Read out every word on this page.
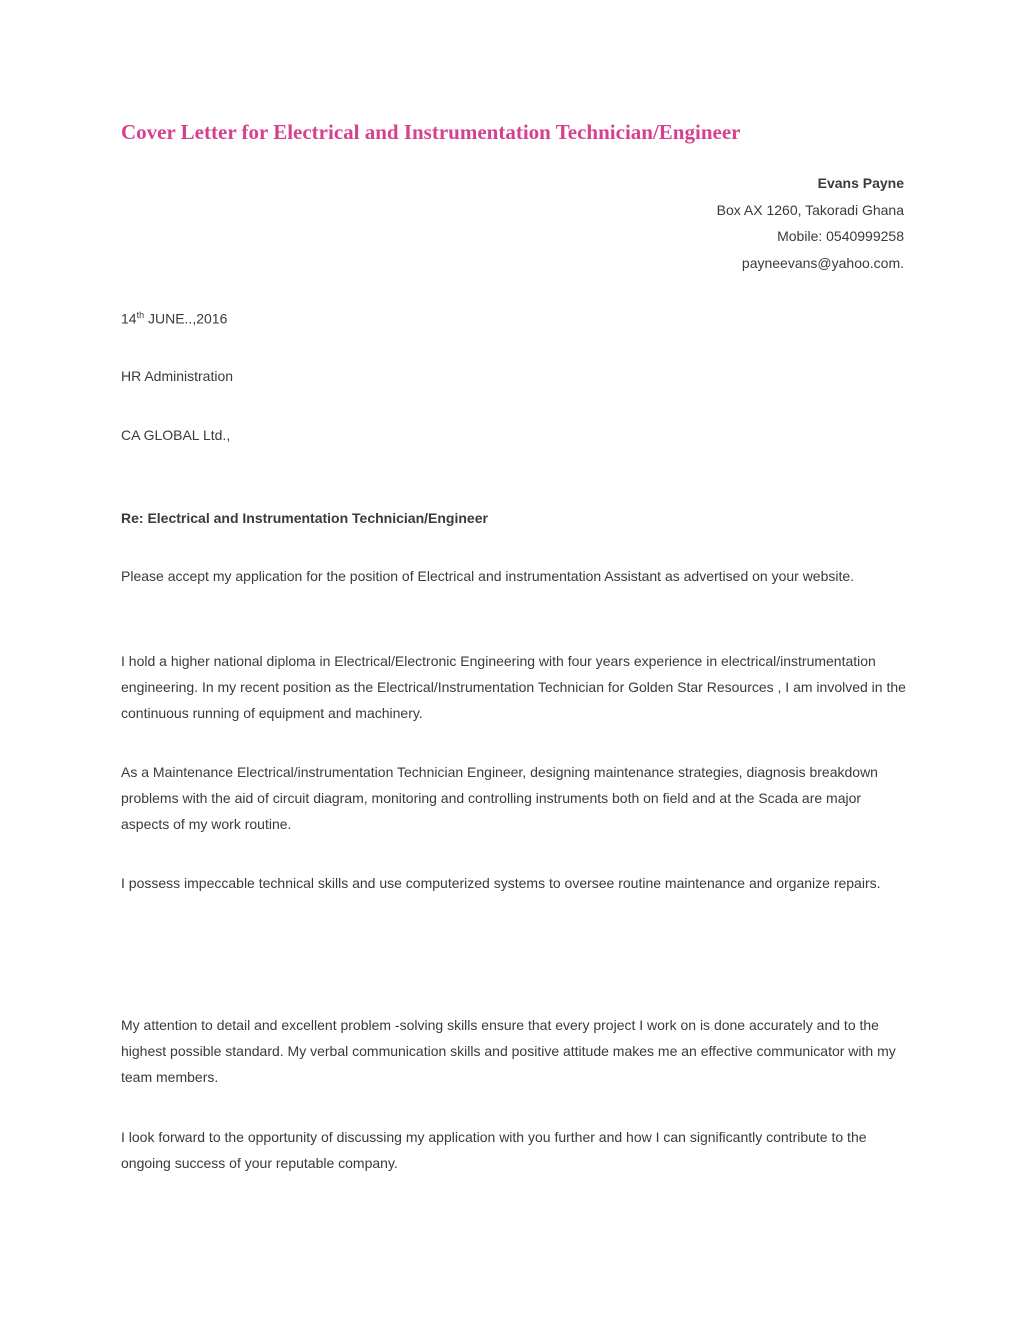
Cover Letter for Electrical and Instrumentation Technician/Engineer
Evans Payne
Box AX 1260, Takoradi Ghana
Mobile: 0540999258
payneevans@yahoo.com.

14th JUNE..,2016

HR Administration

CA GLOBAL Ltd.,

Re: Electrical and Instrumentation Technician/Engineer

Please accept my application for the position of Electrical and instrumentation Assistant as advertised on your website.

I hold a higher national diploma in Electrical/Electronic Engineering with four years experience in electrical/instrumentation engineering. In my recent position as the Electrical/Instrumentation Technician for Golden Star Resources , I am involved in the continuous running of equipment and machinery.

As a Maintenance Electrical/instrumentation Technician Engineer, designing maintenance strategies, diagnosis breakdown problems with the aid of circuit diagram, monitoring and controlling instruments both on field and at the Scada are major aspects of my work routine.

I possess impeccable technical skills and use computerized systems to oversee routine maintenance and organize repairs.

My attention to detail and excellent problem -solving skills ensure that every project I work on is done accurately and to the highest possible standard. My verbal communication skills and positive attitude makes me an effective communicator with my team members.

I look forward to the opportunity of discussing my application with you further and how I can significantly contribute to the ongoing success of your reputable company.
